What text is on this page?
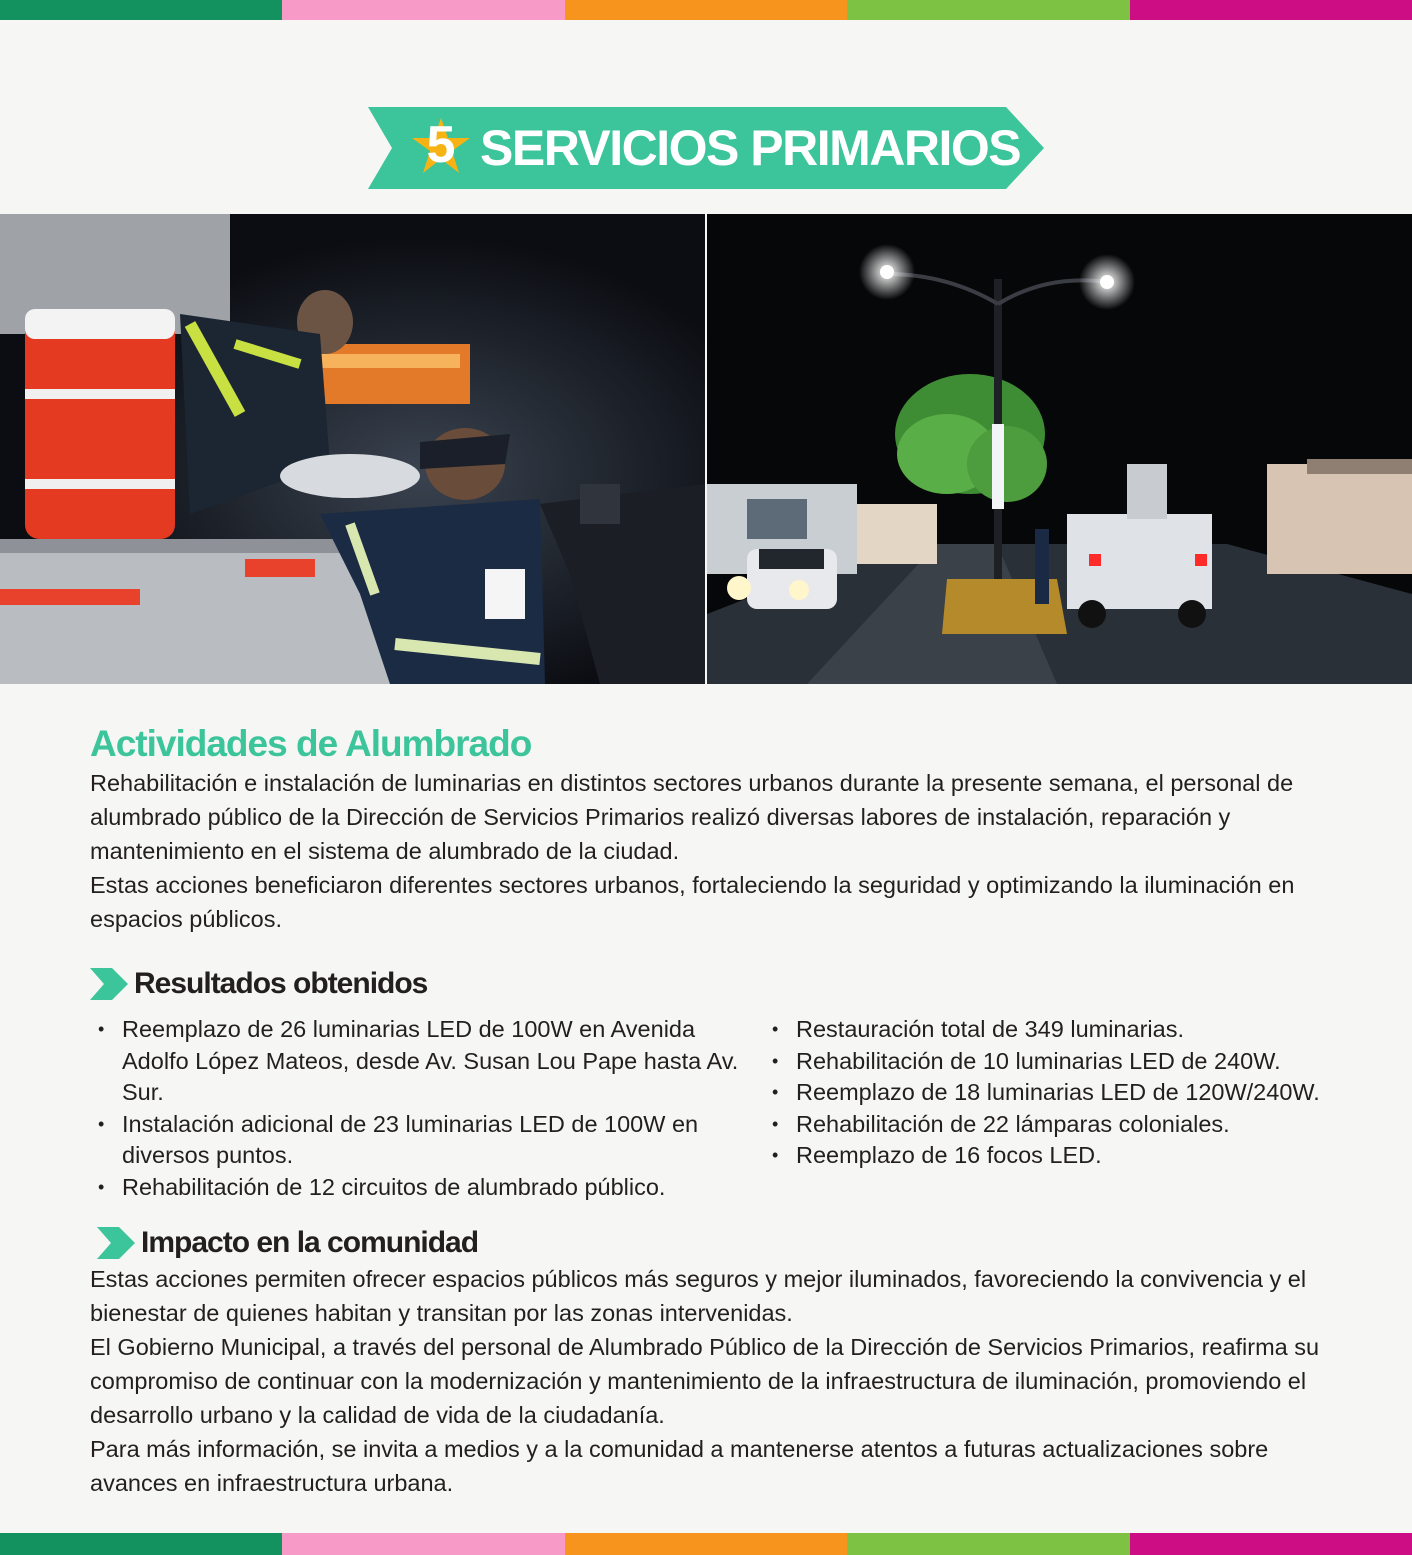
5 SERVICIOS PRIMARIOS
Actividades de Alumbrado
Rehabilitación e instalación de luminarias en distintos sectores urbanos durante la presente semana, el personal de alumbrado público de la Dirección de Servicios Primarios realizó diversas labores de instalación, reparación y mantenimiento en el sistema de alumbrado de la ciudad.
Estas acciones beneficiaron diferentes sectores urbanos, fortaleciendo la seguridad y optimizando la iluminación en espacios públicos.
Resultados obtenidos
• Reemplazo de 26 luminarias LED de 100W en Avenida Adolfo López Mateos, desde Av. Susan Lou Pape hasta Av. Sur.
• Instalación adicional de 23 luminarias LED de 100W en diversos puntos.
• Rehabilitación de 12 circuitos de alumbrado público.
• Restauración total de 349 luminarias.
• Rehabilitación de 10 luminarias LED de 240W.
• Reemplazo de 18 luminarias LED de 120W/240W.
• Rehabilitación de 22 lámparas coloniales.
• Reemplazo de 16 focos LED.
Impacto en la comunidad
Estas acciones permiten ofrecer espacios públicos más seguros y mejor iluminados, favoreciendo la convivencia y el bienestar de quienes habitan y transitan por las zonas intervenidas.
El Gobierno Municipal, a través del personal de Alumbrado Público de la Dirección de Servicios Primarios, reafirma su compromiso de continuar con la modernización y mantenimiento de la infraestructura de iluminación, promoviendo el desarrollo urbano y la calidad de vida de la ciudadanía.
Para más información, se invita a medios y a la comunidad a mantenerse atentos a futuras actualizaciones sobre avances en infraestructura urbana.
